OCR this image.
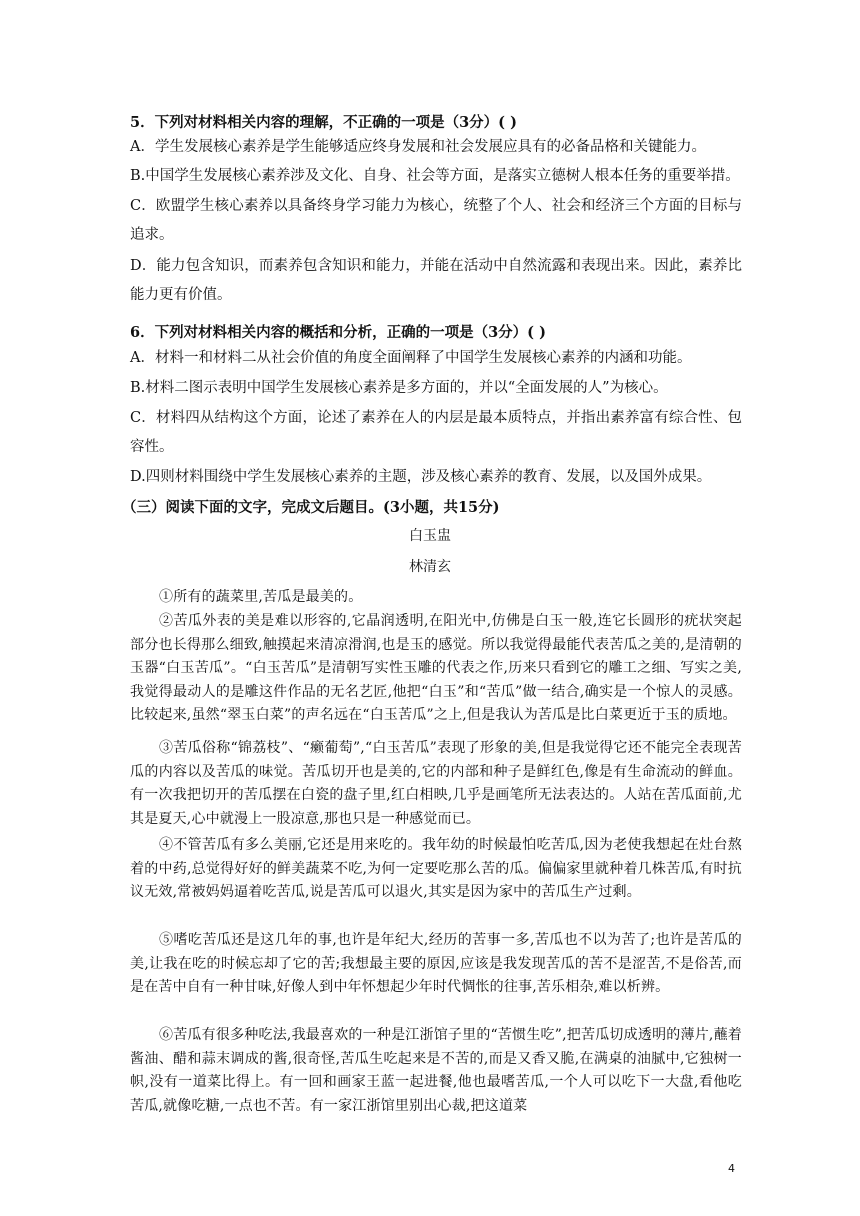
5．下列对材料相关内容的理解，不正确的一项是（3分）( )
A．学生发展核心素养是学生能够适应终身发展和社会发展应具有的必备品格和关键能力。
B.中国学生发展核心素养涉及文化、自身、社会等方面，是落实立德树人根本任务的重要举措。
C．欧盟学生核心素养以具备终身学习能力为核心，统整了个人、社会和经济三个方面的目标与追求。
D．能力包含知识，而素养包含知识和能力，并能在活动中自然流露和表现出来。因此，素养比能力更有价值。
6．下列对材料相关内容的概括和分析，正确的一项是（3分）( )
A．材料一和材料二从社会价值的角度全面阐释了中国学生发展核心素养的内涵和功能。
B.材料二图示表明中国学生发展核心素养是多方面的，并以“全面发展的人”为核心。
C．材料四从结构这个方面，论述了素养在人的内层是最本质特点，并指出素养富有综合性、包容性。
D.四则材料围绕中学生发展核心素养的主题，涉及核心素养的教育、发展，以及国外成果。
（三）阅读下面的文字，完成文后题目。(3小题，共15分)
白玉盅
林清玄
①所有的蔬菜里,苦瓜是最美的。
②苦瓜外表的美是难以形容的,它晶润透明,在阳光中,仿佛是白玉一般,连它长圆形的疣状突起部分也长得那么细致,触摸起来清凉滑润,也是玉的感觉。所以我觉得最能代表苦瓜之美的,是清朝的玉器“白玉苦瓜”。“白玉苦瓜”是清朝写实性玉雕的代表之作,历来只看到它的雕工之细、写实之美,我觉得最动人的是雕这件作品的无名艺匠,他把“白玉”和“苦瓜”做一结合,确实是一个惊人的灵感。比较起来,虽然“翠玉白菜”的声名远在“白玉苦瓜”之上,但是我认为苦瓜是比白菜更近于玉的质地。
③苦瓜俗称“锦荔枝”、“癞葡萄”,“白玉苦瓜”表现了形象的美,但是我觉得它还不能完全表现苦瓜的内容以及苦瓜的味觉。苦瓜切开也是美的,它的内部和种子是鲜红色,像是有生命流动的鲜血。有一次我把切开的苦瓜摆在白瓷的盘子里,红白相映,几乎是画笔所无法表达的。人站在苦瓜面前,尤其是夏天,心中就漫上一股凉意,那也只是一种感觉而已。
④不管苦瓜有多么美丽,它还是用来吃的。我年幼的时候最怕吃苦瓜,因为老使我想起在灶台熬着的中药,总觉得好好的鲜美蔬菜不吃,为何一定要吃那么苦的瓜。偏偏家里就种着几株苦瓜,有时抗议无效,常被妈妈逼着吃苦瓜,说是苦瓜可以退火,其实是因为家中的苦瓜生产过剩。
⑤嗜吃苦瓜还是这几年的事,也许是年纪大,经历的苦事一多,苦瓜也不以为苦了;也许是苦瓜的美,让我在吃的时候忘却了它的苦;我想最主要的原因,应该是我发现苦瓜的苦不是涩苦,不是俗苦,而是在苦中自有一种甘味,好像人到中年怀想起少年时代惆怅的往事,苦乐相杂,难以析辨。
⑥苦瓜有很多种吃法,我最喜欢的一种是江浙馆子里的“苦惯生吃”,把苦瓜切成透明的薄片,蘸着酱油、醋和蒜末调成的酱,很奇怪,苦瓜生吃起来是不苦的,而是又香又脆,在满桌的油腻中,它独树一帜,没有一道菜比得上。有一回和画家王蓝一起进餐,他也最嗜苦瓜,一个人可以吃下一大盘,看他吃苦瓜,就像吃糖,一点也不苦。有一家江浙馆里别出心裁,把这道菜
4
